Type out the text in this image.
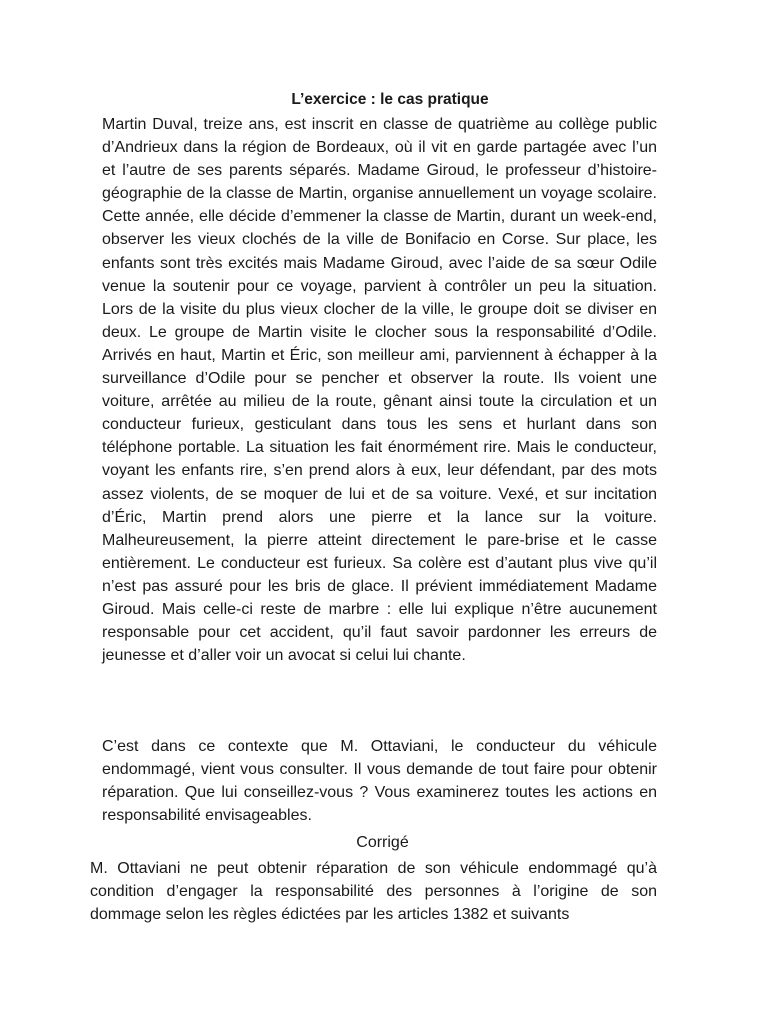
L’exercice : le cas pratique

Martin Duval, treize ans, est inscrit en classe de quatrième au collège public d’Andrieux dans la région de Bordeaux, où il vit en garde partagée avec l’un et l’autre de ses parents séparés. Madame Giroud, le professeur d’histoire-géographie de la classe de Martin, organise annuellement un voyage scolaire. Cette année, elle décide d’emmener la classe de Martin, durant un week-end, observer les vieux clochés de la ville de Bonifacio en Corse. Sur place, les enfants sont très excités mais Madame Giroud, avec l’aide de sa sœur Odile venue la soutenir pour ce voyage, parvient à contrôler un peu la situation. Lors de la visite du plus vieux clocher de la ville, le groupe doit se diviser en deux. Le groupe de Martin visite le clocher sous la responsabilité d’Odile. Arrivés en haut, Martin et Éric, son meilleur ami, parviennent à échapper à la surveillance d’Odile pour se pencher et observer la route. Ils voient une voiture, arrêtée au milieu de la route, gênant ainsi toute la circulation et un conducteur furieux, gesticulant dans tous les sens et hurlant dans son téléphone portable. La situation les fait énormément rire. Mais le conducteur, voyant les enfants rire, s’en prend alors à eux, leur défendant, par des mots assez violents, de se moquer de lui et de sa voiture. Vexé, et sur incitation d’Éric, Martin prend alors une pierre et la lance sur la voiture. Malheureusement, la pierre atteint directement le pare-brise et le casse entièrement. Le conducteur est furieux. Sa colère est d’autant plus vive qu’il n’est pas assuré pour les bris de glace. Il prévient immédiatement Madame Giroud. Mais celle-ci reste de marbre : elle lui explique n’être aucunement responsable pour cet accident, qu’il faut savoir pardonner les erreurs de jeunesse et d’aller voir un avocat si celui lui chante.

C’est dans ce contexte que M. Ottaviani, le conducteur du véhicule endommagé, vient vous consulter. Il vous demande de tout faire pour obtenir réparation. Que lui conseillez-vous ? Vous examinerez toutes les actions en responsabilité envisageables.

Corrigé

M. Ottaviani ne peut obtenir réparation de son véhicule endommagé qu’à condition d’engager la responsabilité des personnes à l’origine de son dommage selon les règles édictées par les articles 1382 et suivants
